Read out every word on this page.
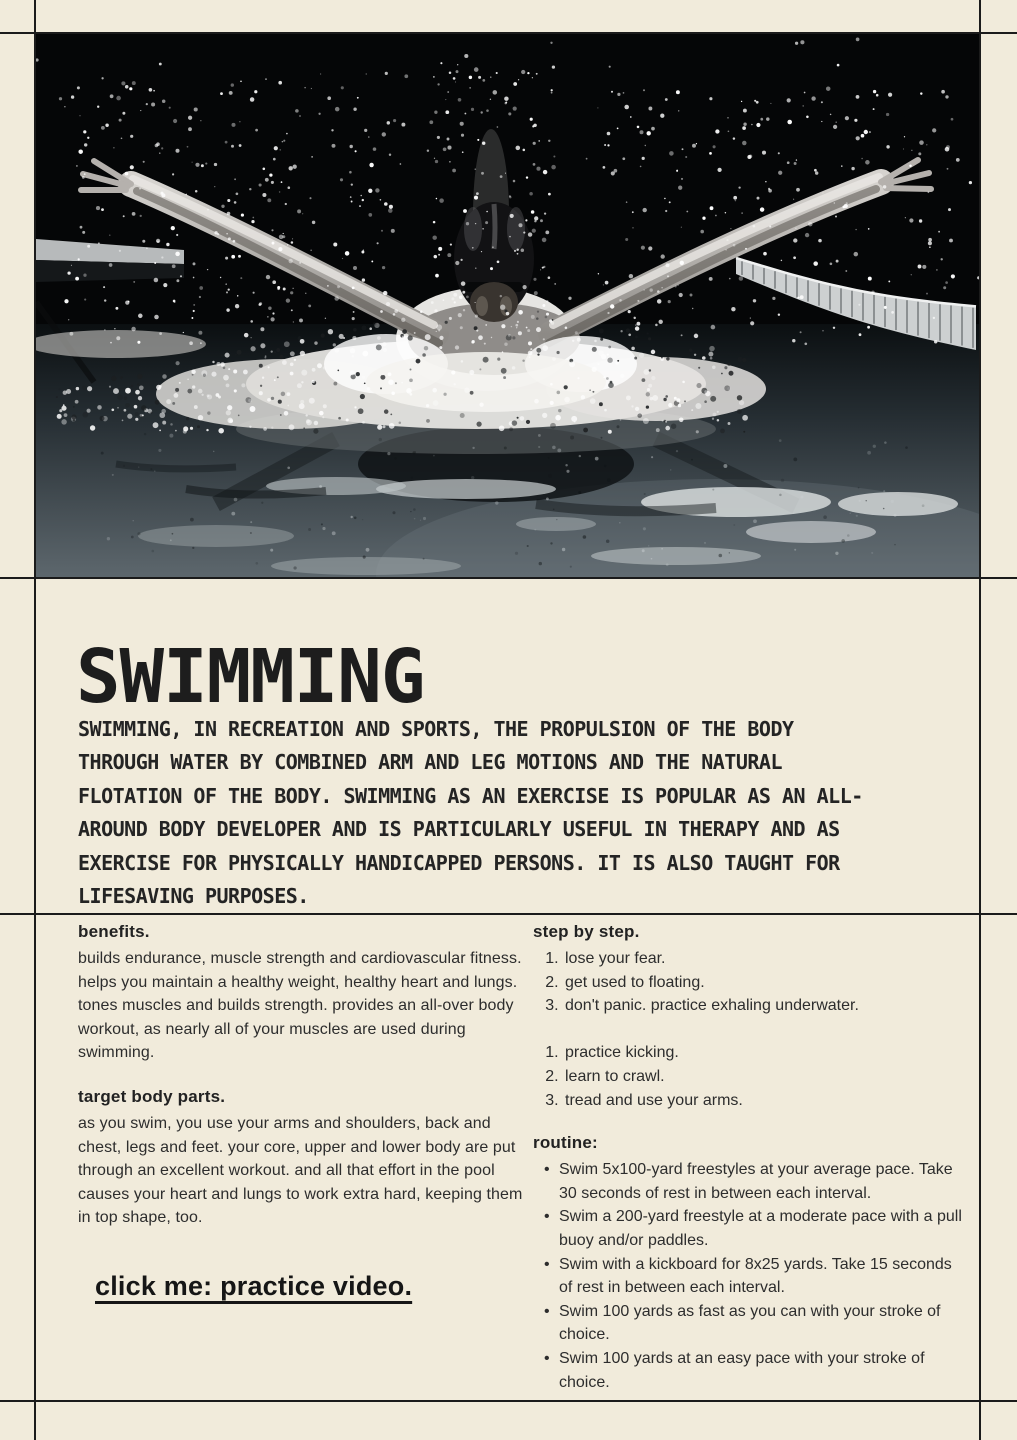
SWIMMING
SWIMMING, IN RECREATION AND SPORTS, THE PROPULSION OF THE BODY
THROUGH WATER BY COMBINED ARM AND LEG MOTIONS AND THE NATURAL
FLOTATION OF THE BODY. SWIMMING AS AN EXERCISE IS POPULAR AS AN ALL-
AROUND BODY DEVELOPER AND IS PARTICULARLY USEFUL IN THERAPY AND AS
EXERCISE FOR PHYSICALLY HANDICAPPED PERSONS. IT IS ALSO TAUGHT FOR
LIFESAVING PURPOSES.
benefits.

builds endurance, muscle strength and cardiovascular fitness. helps you maintain a healthy weight, healthy heart and lungs. tones muscles and builds strength. provides an all-over body workout, as nearly all of your muscles are used during swimming.

target body parts.

as you swim, you use your arms and shoulders, back and chest, legs and feet. your core, upper and lower body are put through an excellent workout. and all that effort in the pool causes your heart and lungs to work extra hard, keeping them in top shape, too.

click me: practice video.
step by step.
1. lose your fear.
2. get used to floating.
3. don't panic. practice exhaling underwater.
1. practice kicking.
2. learn to crawl.
3. tread and use your arms.
routine:
• Swim 5x100-yard freestyles at your average pace. Take 30 seconds of rest in between each interval.
• Swim a 200-yard freestyle at a moderate pace with a pull buoy and/or paddles.
• Swim with a kickboard for 8x25 yards. Take 15 seconds of rest in between each interval.
• Swim 100 yards as fast as you can with your stroke of choice.
• Swim 100 yards at an easy pace with your stroke of choice.
